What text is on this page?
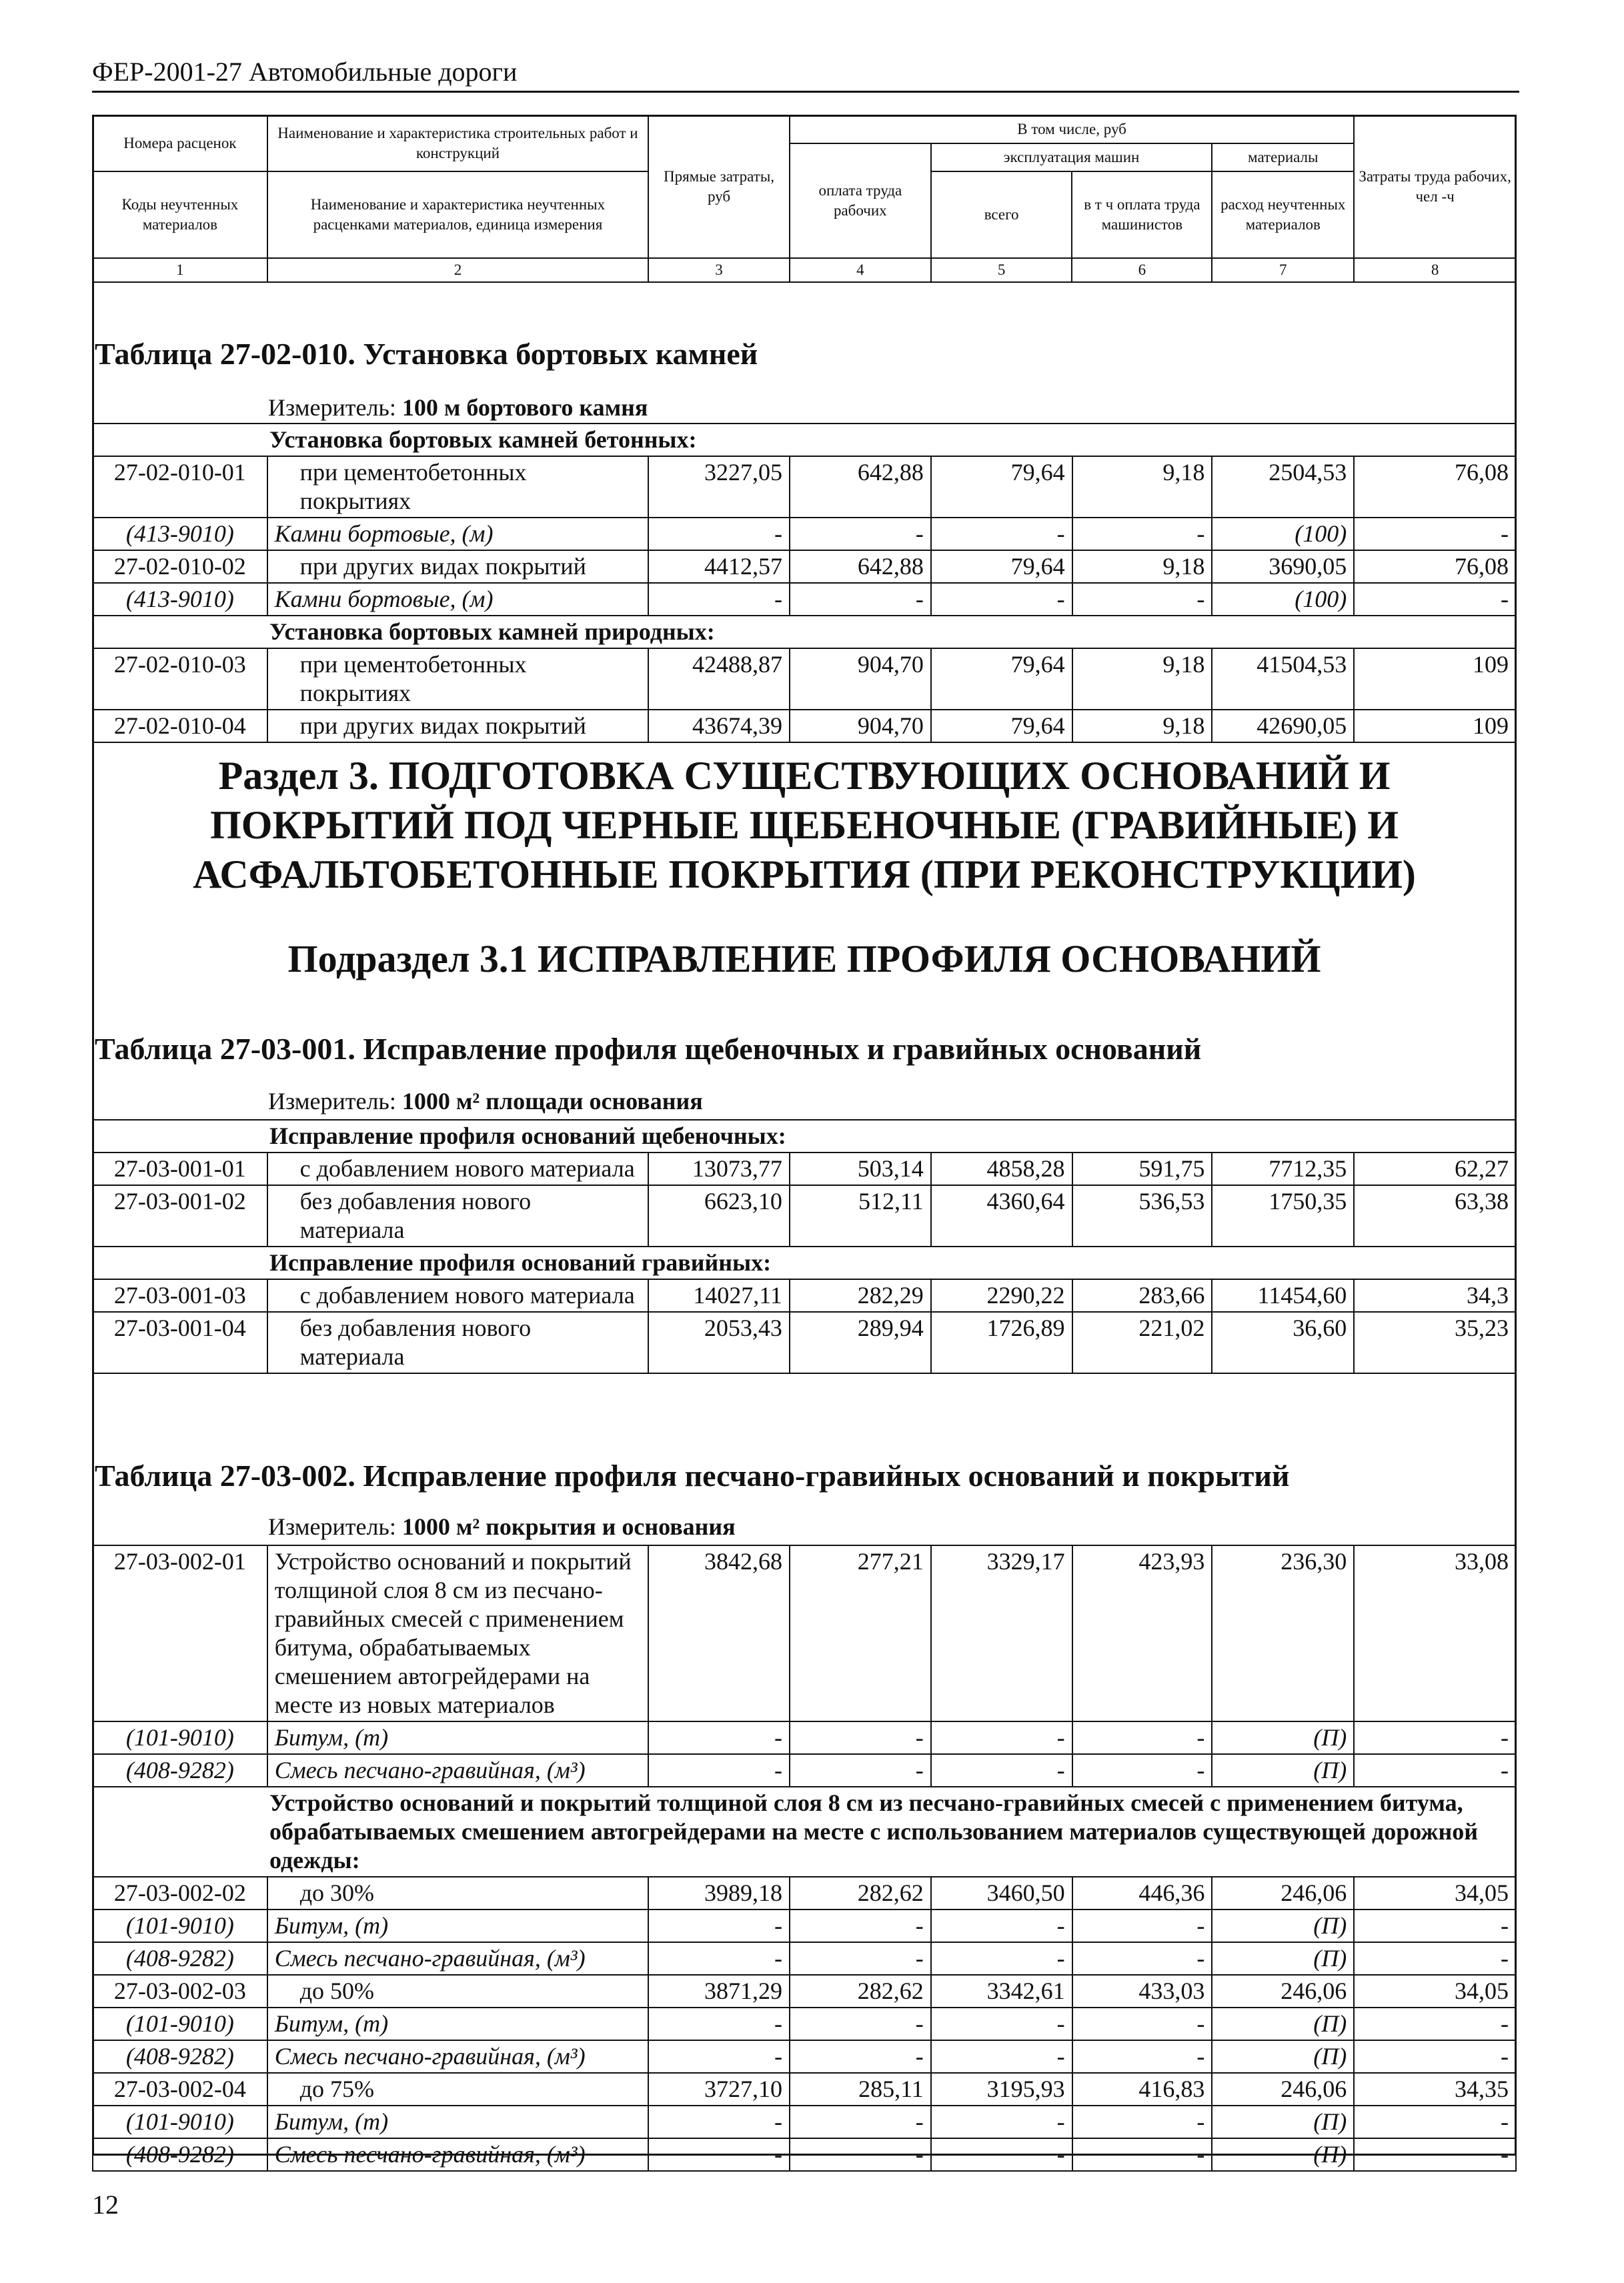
ФЕР-2001-27 Автомобильные дороги
Номера расценок	Наименование и характеристика строительных работ и конструкций	Прямые затраты, руб	В том числе, руб				Затраты труда рабочих, чел -ч
			оплата труда рабочих	эксплуатация машин		материалы	
Коды неучтенных материалов	Наименование и характеристика неучтенных расценками материалов, единица измерения			всего	в т ч оплата труда машинистов	расход неучтенных материалов	

1	2	3	4	5	6	7	8
Таблица 27-02-010. Установка бортовых камней
Измеритель: 100 м бортового камня
Установка бортовых камней бетонных:							
27-02-010-01	при цементобетонных покрытиях	3227,05	642,88	79,64	9,18	2504,53	76,08
(413-9010)	Камни бортовые, (м)	-	-	-	-	(100)	-
27-02-010-02	при других видах покрытий	4412,57	642,88	79,64	9,18	3690,05	76,08
(413-9010)	Камни бортовые, (м)	-	-	-	-	(100)	-
Установка бортовых камней природных:							
27-02-010-03	при цементобетонных покрытиях	42488,87	904,70	79,64	9,18	41504,53	109
27-02-010-04	при других видах покрытий	43674,39	904,70	79,64	9,18	42690,05	109
Раздел 3. ПОДГОТОВКА СУЩЕСТВУЮЩИХ ОСНОВАНИЙ И ПОКРЫТИЙ ПОД ЧЕРНЫЕ ЩЕБЕНОЧНЫЕ (ГРАВИЙНЫЕ) И АСФАЛЬТОБЕТОННЫЕ ПОКРЫТИЯ (ПРИ РЕКОНСТРУКЦИИ)
Подраздел 3.1 ИСПРАВЛЕНИЕ ПРОФИЛЯ ОСНОВАНИЙ
Таблица 27-03-001. Исправление профиля щебеночных и гравийных оснований
Измеритель: 1000 м² площади основания
Исправление профиля оснований щебеночных:							
27-03-001-01	с добавлением нового материала	13073,77	503,14	4858,28	591,75	7712,35	62,27
27-03-001-02	без добавления нового материала	6623,10	512,11	4360,64	536,53	1750,35	63,38
Исправление профиля оснований гравийных:							
27-03-001-03	с добавлением нового материала	14027,11	282,29	2290,22	283,66	11454,60	34,3
27-03-001-04	без добавления нового материала	2053,43	289,94	1726,89	221,02	36,60	35,23
Таблица 27-03-002. Исправление профиля песчано-гравийных оснований и покрытий
Измеритель: 1000 м² покрытия и основания
27-03-002-01	Устройство оснований и покрытий толщиной слоя 8 см из песчано-гравийных смесей с применением битума, обрабатываемых смешением автогрейдерами на месте из новых материалов	3842,68	277,21	3329,17	423,93	236,30	33,08
(101-9010)	Битум, (т)	-	-	-	-	(П)	-
(408-9282)	Смесь песчано-гравийная, (м³)	-	-	-	-	(П)	-
Устройство оснований и покрытий толщиной слоя 8 см из песчано-гравийных смесей с применением битума, обрабатываемых смешением автогрейдерами на месте с использованием материалов существующей дорожной одежды:							
27-03-002-02	до 30%	3989,18	282,62	3460,50	446,36	246,06	34,05
(101-9010)	Битум, (т)	-	-	-	-	(П)	-
(408-9282)	Смесь песчано-гравийная, (м³)	-	-	-	-	(П)	-
27-03-002-03	до 50%	3871,29	282,62	3342,61	433,03	246,06	34,05
(101-9010)	Битум, (т)	-	-	-	-	(П)	-
(408-9282)	Смесь песчано-гравийная, (м³)	-	-	-	-	(П)	-
27-03-002-04	до 75%	3727,10	285,11	3195,93	416,83	246,06	34,35
(101-9010)	Битум, (т)	-	-	-	-	(П)	-
(408-9282)	Смесь песчано-гравийная, (м³)	-	-	-	-	(П)	-
12
